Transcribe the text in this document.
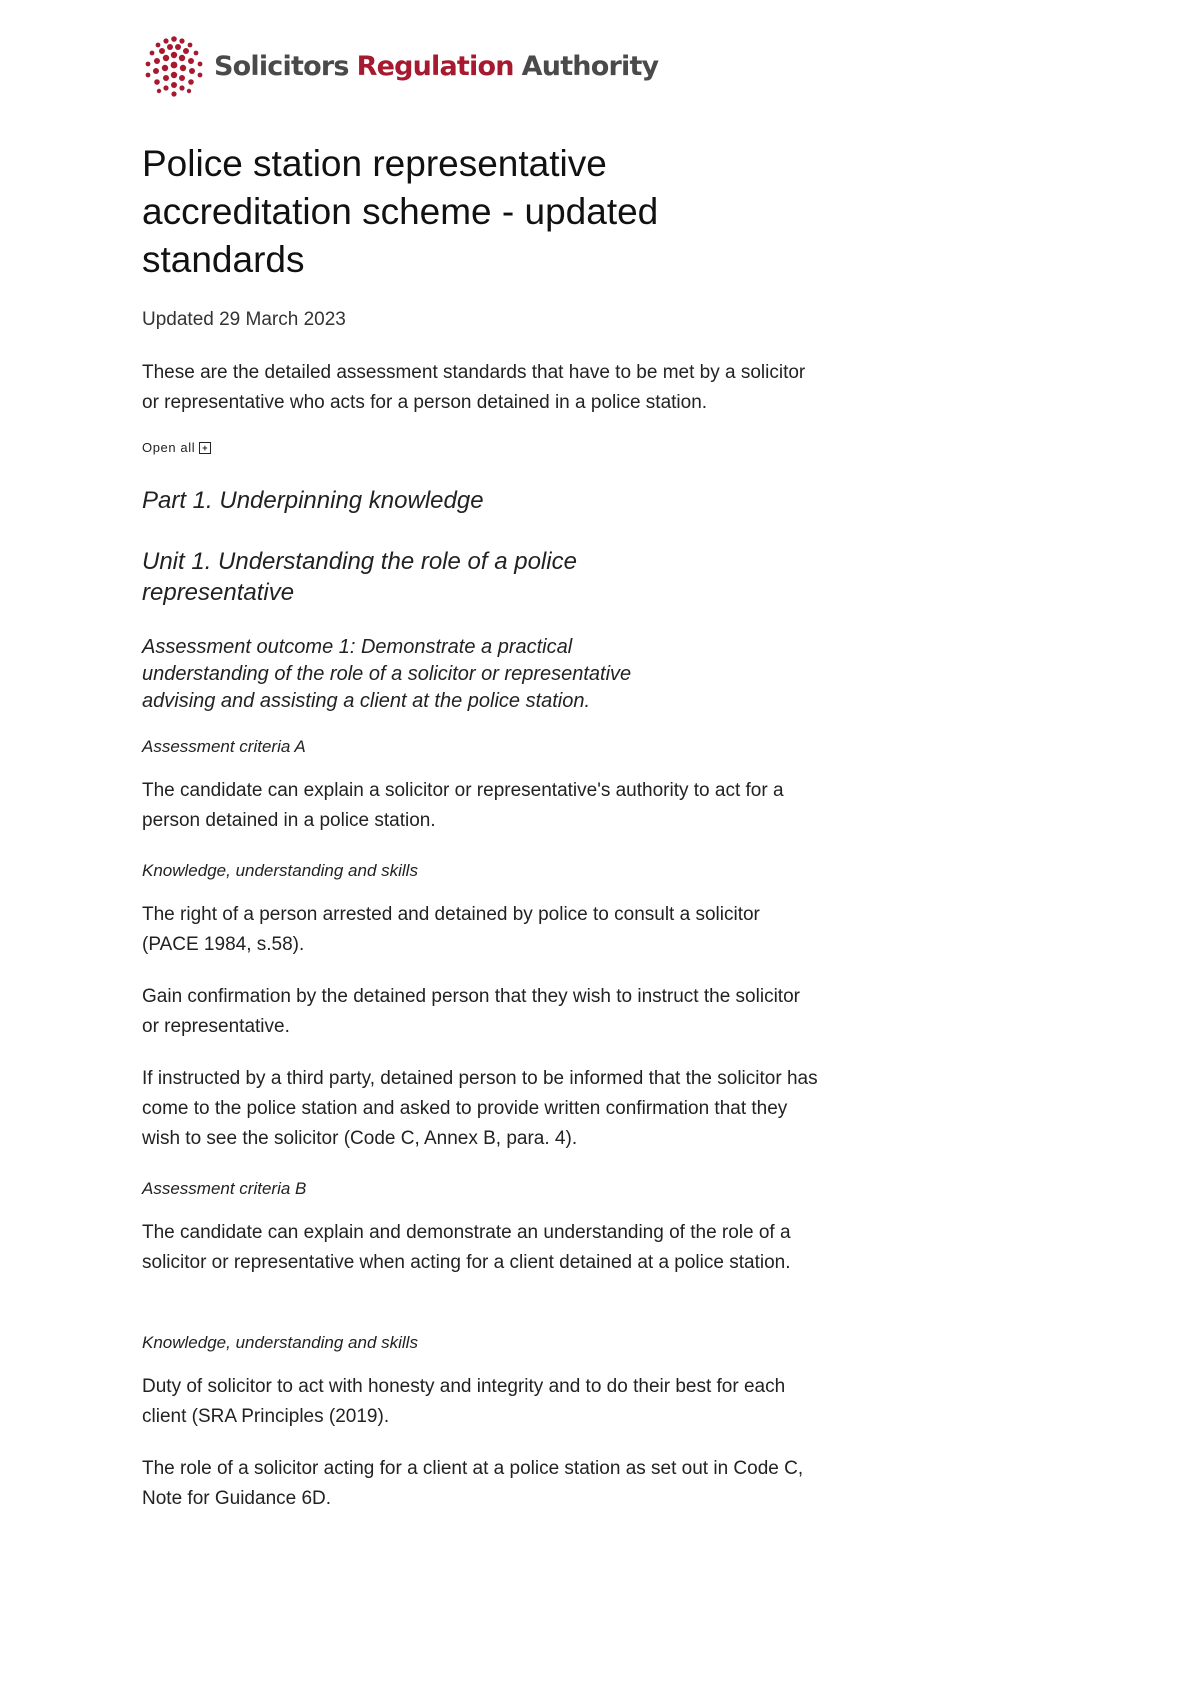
Solicitors Regulation Authority
Police station representative accreditation scheme - updated standards

Updated 29 March 2023

These are the detailed assessment standards that have to be met by a solicitor or representative who acts for a person detained in a police station.

Open all +
Part 1. Underpinning knowledge
Unit 1. Understanding the role of a police representative
Assessment outcome 1: Demonstrate a practical understanding of the role of a solicitor or representative advising and assisting a client at the police station.

Assessment criteria A

The candidate can explain a solicitor or representative's authority to act for a person detained in a police station.

Knowledge, understanding and skills

The right of a person arrested and detained by police to consult a solicitor (PACE 1984, s.58).

Gain confirmation by the detained person that they wish to instruct the solicitor or representative.

If instructed by a third party, detained person to be informed that the solicitor has come to the police station and asked to provide written confirmation that they wish to see the solicitor (Code C, Annex B, para. 4).

Assessment criteria B

The candidate can explain and demonstrate an understanding of the role of a solicitor or representative when acting for a client detained at a police station.

Knowledge, understanding and skills

Duty of solicitor to act with honesty and integrity and to do their best for each client (SRA Principles (2019).

The role of a solicitor acting for a client at a police station as set out in Code C, Note for Guidance 6D.
